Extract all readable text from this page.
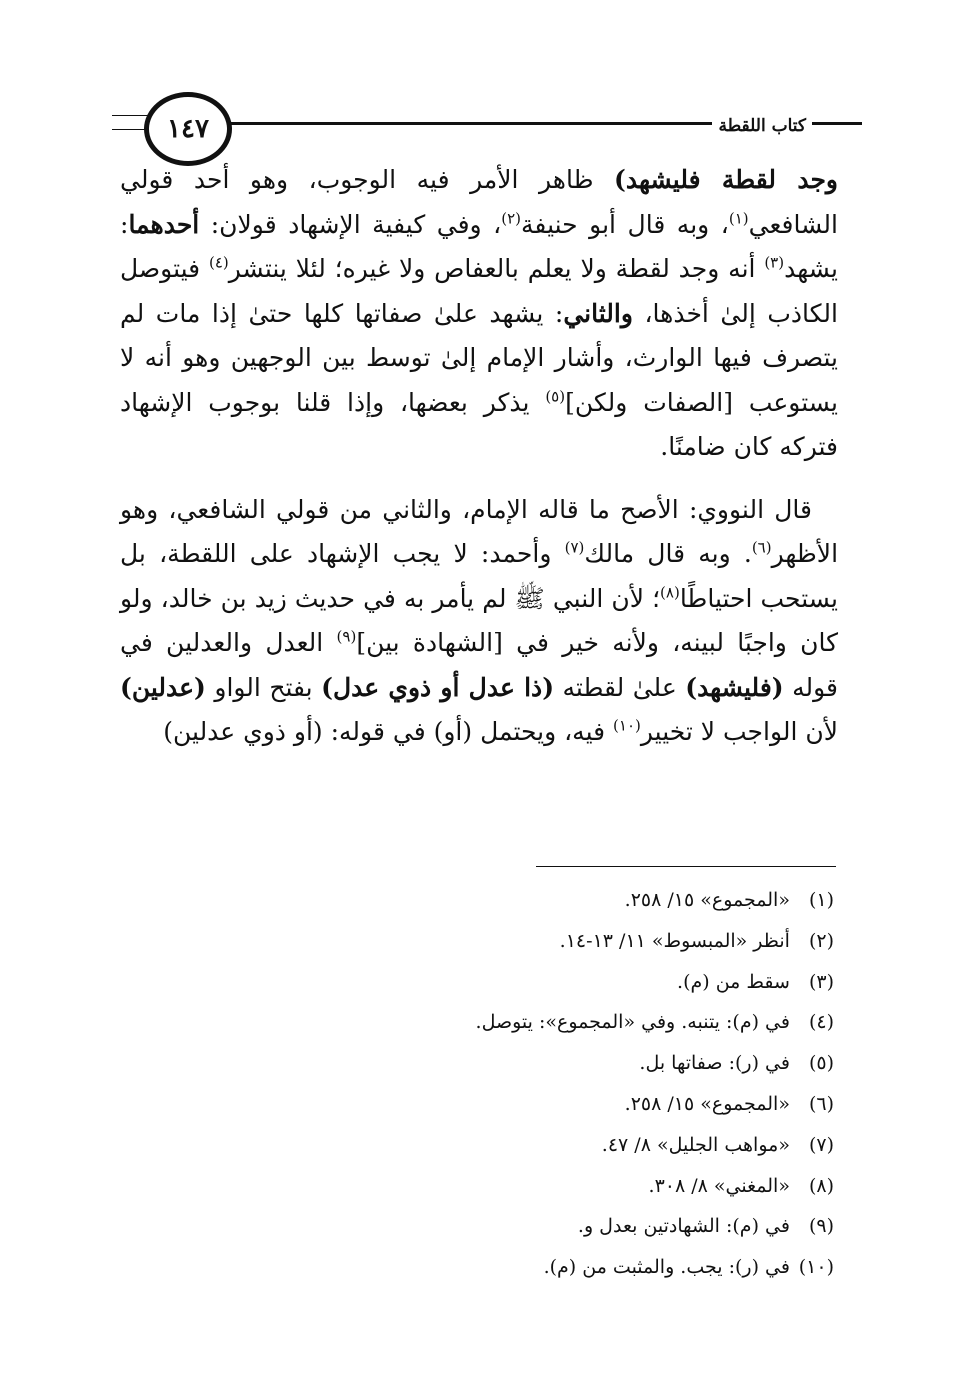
١٤٧	كتاب اللقطة

وجد لقطة فليشهد) ظاهر الأمر فيه الوجوب، وهو أحد قولي الشافعي$^{(١)}$، وبه قال أبو حنيفة$^{(٢)}$، وفي كيفية الإشهاد قولان: أحدهما: يشهد$^{(٣)}$ أنه وجد لقطة ولا يعلم بالعفاص ولا غيره؛ لئلا ينتشر$^{(٤)}$ فيتوصل الكاذب إلىٰ أخذها، والثاني: يشهد علىٰ صفاتها كلها حتىٰ إذا مات لم يتصرف فيها الوارث، وأشار الإمام إلىٰ توسط بين الوجهين وهو أنه لا يستوعب [الصفات ولكن]$^{(٥)}$ يذكر بعضها، وإذا قلنا بوجوب الإشهاد فتركه كان ضامنًا.

قال النووي: الأصح ما قاله الإمام، والثاني من قولي الشافعي، وهو الأظهر$^{(٦)}$. وبه قال مالك$^{(٧)}$ وأحمد: لا يجب الإشهاد على اللقطة، بل يستحب احتياطًا$^{(٨)}$؛ لأن النبي ﷺ لم يأمر به في حديث زيد بن خالد، ولو كان واجبًا لبينه، ولأنه خير في [الشهادة بين]$^{(٩)}$ العدل والعدلين في قوله (فليشهد) علىٰ لقطته (ذا عدل أو ذوي عدل) بفتح الواو (عدلين) لأن الواجب لا تخيير$^{(١٠)}$ فيه، ويحتمل (أو) في قوله: (أو ذوي عدلين)

(١) «المجموع» ١٥/ ٢٥٨.
(٢) أنظر «المبسوط» ١١/ ١٣-١٤.
(٣) سقط من (م).
(٤) في (م): يتنبه. وفي «المجموع»: يتوصل.
(٥) في (ر): صفاتها بل.
(٦) «المجموع» ١٥/ ٢٥٨.
(٧) «مواهب الجليل» ٨/ ٤٧.
(٨) «المغني» ٨/ ٣٠٨.
(٩) في (م): الشهادتين بعدل و.
(١٠) في (ر): يجب. والمثبت من (م).
